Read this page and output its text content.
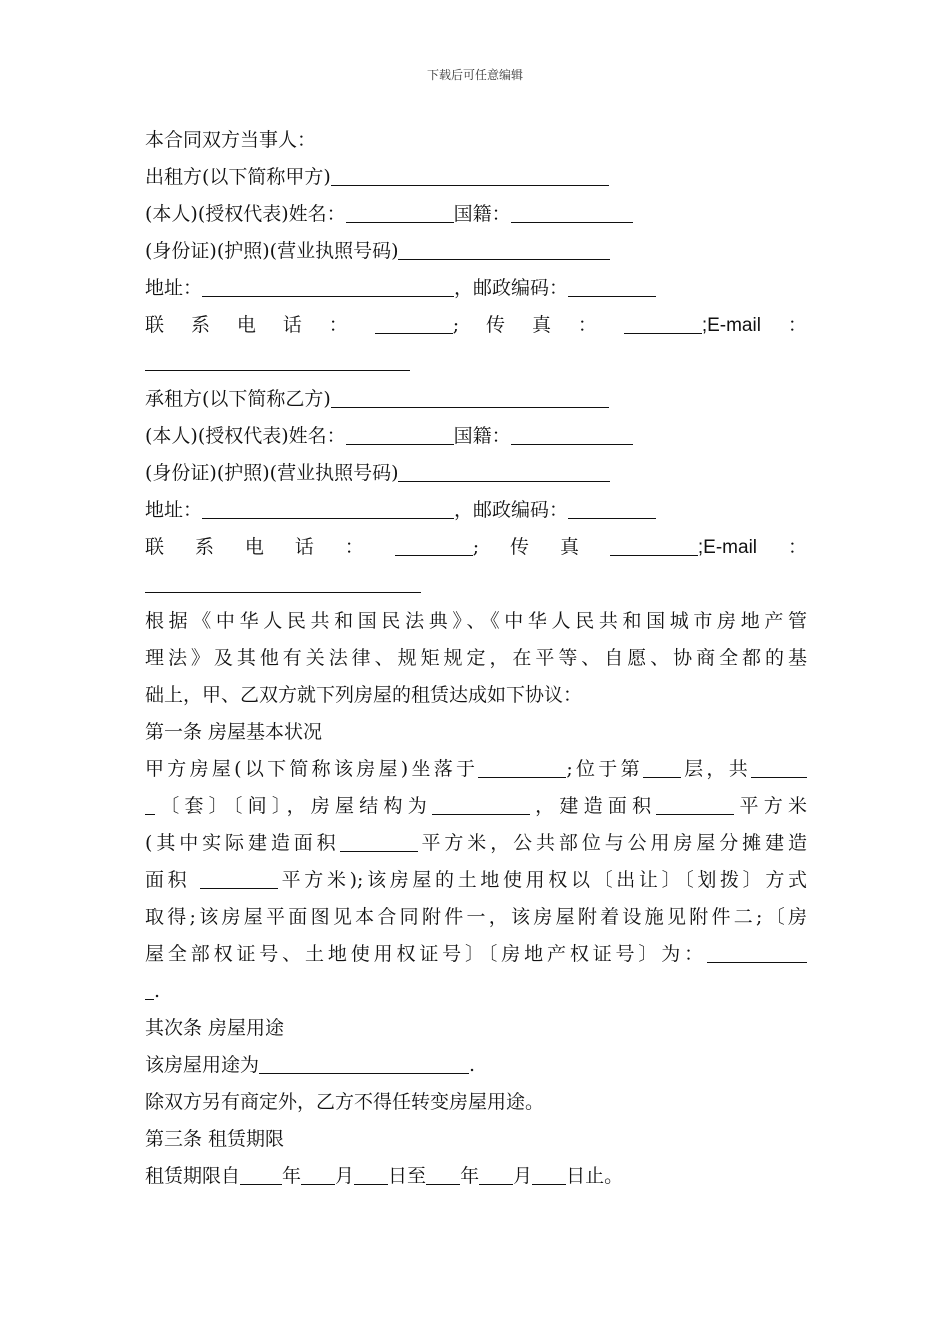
下载后可任意编辑
本合同双方当事人：
出租方(以下简称甲方)
(本人)(授权代表)姓名：	国籍：
(身份证)(护照)(营业执照号码)
地址：	，邮政编码：
联 系 电 话 ：	; 传 真 ：	;E-mail ：
承租方(以下简称乙方)
(本人)(授权代表)姓名：	国籍：
(身份证)(护照)(营业执照号码)
地址：	，邮政编码：
联 系 电 话 ：	; 传 真	;E-mail ：
根据《中华人民共和国民法典》、《中华人民共和国城市房地产管
理法》及其他有关法律、规矩规定，在平等、自愿、协商全都的基
础上，甲、乙双方就下列房屋的租赁达成如下协议：
第一条 房屋基本状况
甲方房屋(以下简称该房屋)坐落于	;位于第 层，共
〔套〕〔间〕，房屋结构为	，建造面积	平方米
(其中实际建造面积	平方米，公共部位与公用房屋分摊建造
面积	平方米);该房屋的土地使用权以〔出让〕〔划拨〕方式
取得;该房屋平面图见本合同附件一，该房屋附着设施见附件二;〔房
屋全部权证号、土地使用权证号〕〔房地产权证号〕为：
.
其次条 房屋用途
该房屋用途为	.
除双方另有商定外，乙方不得任转变房屋用途。
第三条 租赁期限
租赁期限自 年 月 日至 年 月 日止。
